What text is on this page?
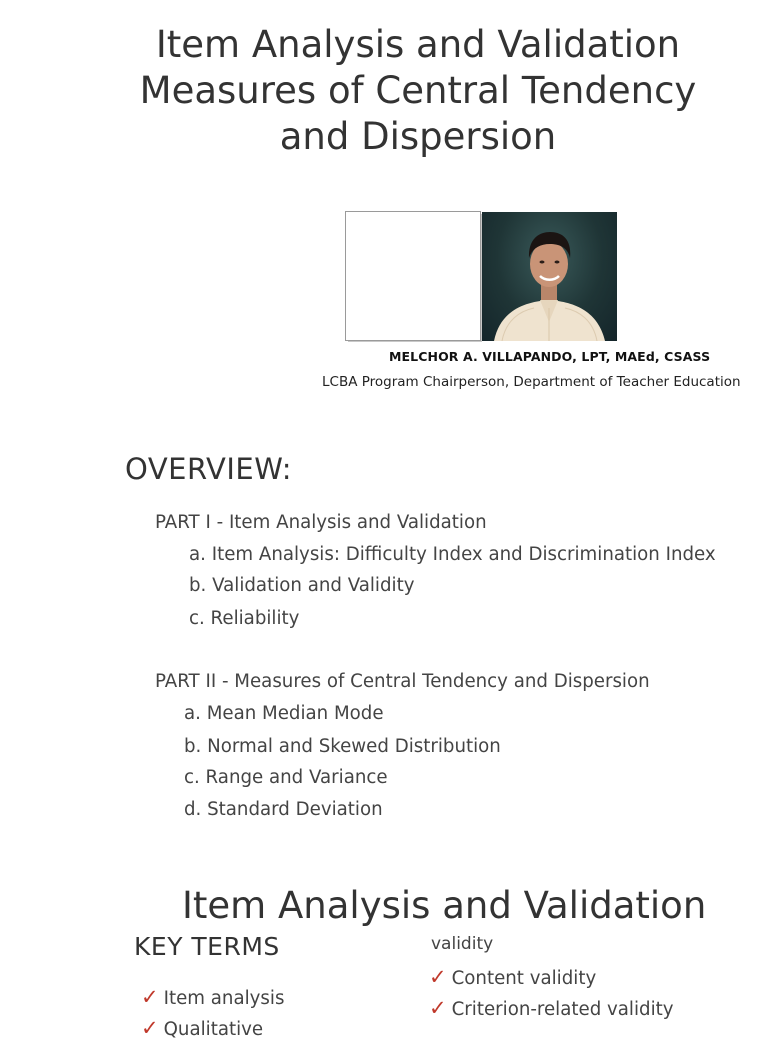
Item Analysis and Validation
Measures of Central Tendency
and Dispersion
MELCHOR A. VILLAPANDO, LPT, MAEd, CSASS
LCBA Program Chairperson, Department of Teacher Education
OVERVIEW:
PART I - Item Analysis and Validation
a. Item Analysis: Difficulty Index and Discrimination Index
b. Validation and Validity
c. Reliability
PART II - Measures of Central Tendency and Dispersion
a. Mean Median Mode
b. Normal and Skewed Distribution
c. Range and Variance
d. Standard Deviation
Item Analysis and Validation
KEY TERMS	validity
✓ Item analysis
✓ Qualitative
✓ Content validity
✓ Criterion-related validity
